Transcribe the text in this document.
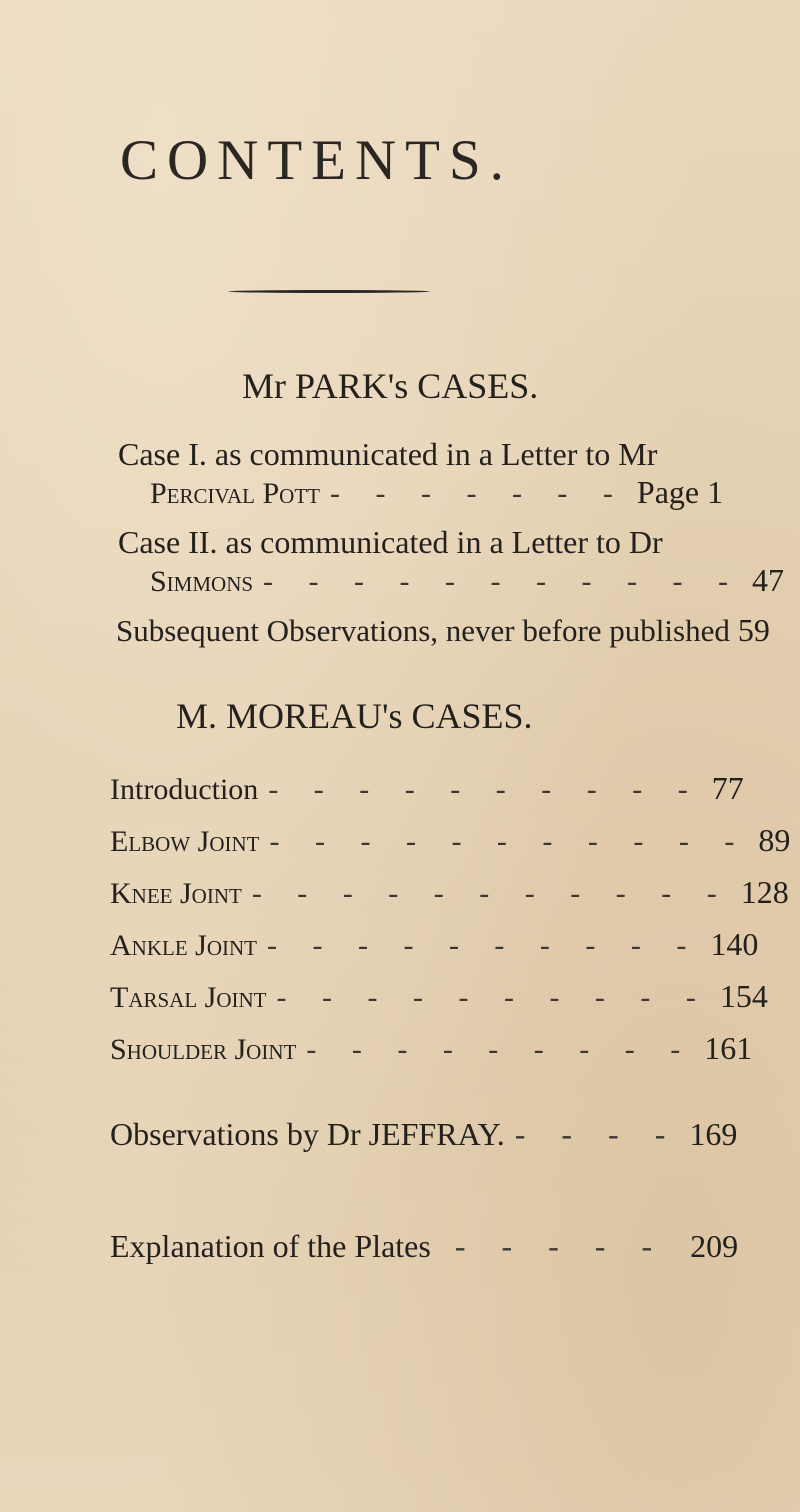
CONTENTS.
Mr PARK's CASES.
Case I. as communicated in a Letter to Mr
Percival Pott - - - - - - - Page 1
Case II. as communicated in a Letter to Dr
Simmons - - - - - - - - - - - 47
Subsequent Observations, never before published 59
M. MOREAU's CASES.
Introduction - - - - - - - - - - 77
Elbow Joint - - - - - - - - - - - 89
Knee Joint - - - - - - - - - - - 128
Ankle Joint - - - - - - - - - - 140
Tarsal Joint - - - - - - - - - - 154
Shoulder Joint - - - - - - - - - 161
Observations by Dr JEFFRAY. - - - - 169
Explanation of the Plates - - - - - 209
